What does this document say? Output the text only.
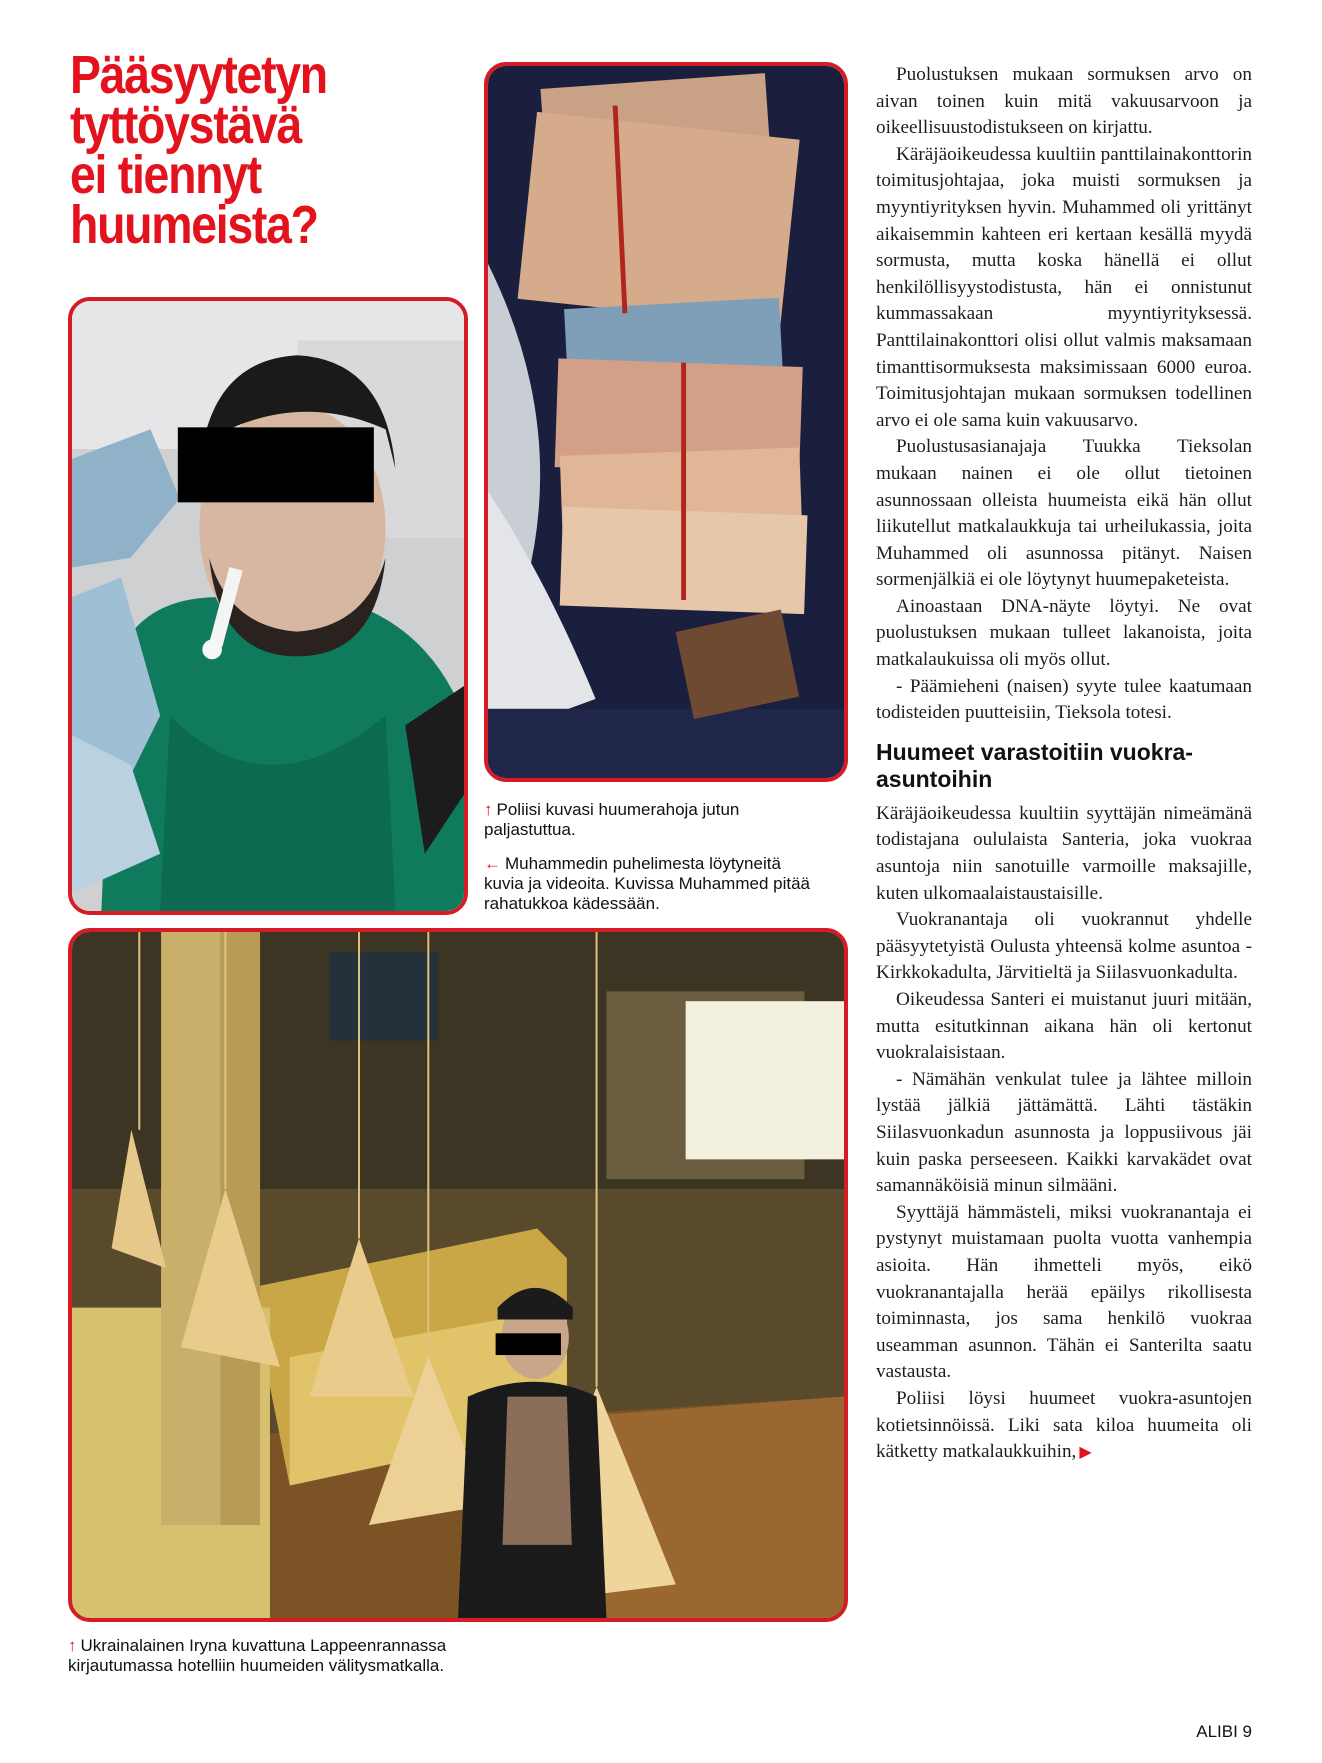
Pääsyytetyn
tyttöystävä
ei tiennyt
huumeista?
↑ Poliisi kuvasi huumerahoja jutun paljastuttua.
← Muhammedin puhelimesta löytyneitä kuvia ja videoita. Kuvissa Muhammed pitää rahatukkoa kädessään.
↑ Ukrainalainen Iryna kuvattuna Lappeenrannassa kirjautumassa hotelliin huumeiden välitysmatkalla.

Puolustuksen mukaan sormuksen arvo on aivan toinen kuin mitä vakuusarvoon ja oikeellisuustodistukseen on kirjattu.

Käräjäoikeudessa kuultiin panttilainakonttorin toimitusjohtajaa, joka muisti sormuksen ja myyntiyrityksen hyvin. Muhammed oli yrittänyt aikaisemmin kahteen eri kertaan kesällä myydä sormusta, mutta koska hänellä ei ollut henkilöllisyystodistusta, hän ei onnistunut kummassakaan myyntiyrityksessä. Panttilainakonttori olisi ollut valmis maksamaan timanttisormuksesta maksimissaan 6000 euroa. Toimitusjohtajan mukaan sormuksen todellinen arvo ei ole sama kuin vakuusarvo.

Puolustusasianajaja Tuukka Tieksolan mukaan nainen ei ole ollut tietoinen asunnossaan olleista huumeista eikä hän ollut liikutellut matkalaukkuja tai urheilukassia, joita Muhammed oli asunnossa pitänyt. Naisen sormenjälkiä ei ole löytynyt huumepaketeista.

Ainoastaan DNA-näyte löytyi. Ne ovat puolustuksen mukaan tulleet lakanoista, joita matkalaukuissa oli myös ollut.

- Päämieheni (naisen) syyte tulee kaatumaan todisteiden puutteisiin, Tieksola totesi.

Huumeet varastoitiin vuokra-asuntoihin

Käräjäoikeudessa kuultiin syyttäjän nimeämänä todistajana oululaista Santeria, joka vuokraa asuntoja niin sanotuille varmoille maksajille, kuten ulkomaalaistaustaisille.

Vuokranantaja oli vuokrannut yhdelle pääsyytetyistä Oulusta yhteensä kolme asuntoa - Kirkkokadulta, Järvitieltä ja Siilasvuonkadulta.

Oikeudessa Santeri ei muistanut juuri mitään, mutta esitutkinnan aikana hän oli kertonut vuokralaisistaan.

- Nämähän venkulat tulee ja lähtee milloin lystää jälkiä jättämättä. Lähti tästäkin Siilasvuonkadun asunnosta ja loppusiivous jäi kuin paska perseeseen. Kaikki karvakädet ovat samannäköisiä minun silmääni.

Syyttäjä hämmästeli, miksi vuokranantaja ei pystynyt muistamaan puolta vuotta vanhempia asioita. Hän ihmetteli myös, eikö vuokranantajalla herää epäilys rikollisesta toiminnasta, jos sama henkilö vuokraa useamman asunnon. Tähän ei Santerilta saatu vastausta.

Poliisi löysi huumeet vuokra-asuntojen kotietsinnöissä. Liki sata kiloa huumeita oli kätketty matkalaukkuihin, ▶

ALIBI 9
